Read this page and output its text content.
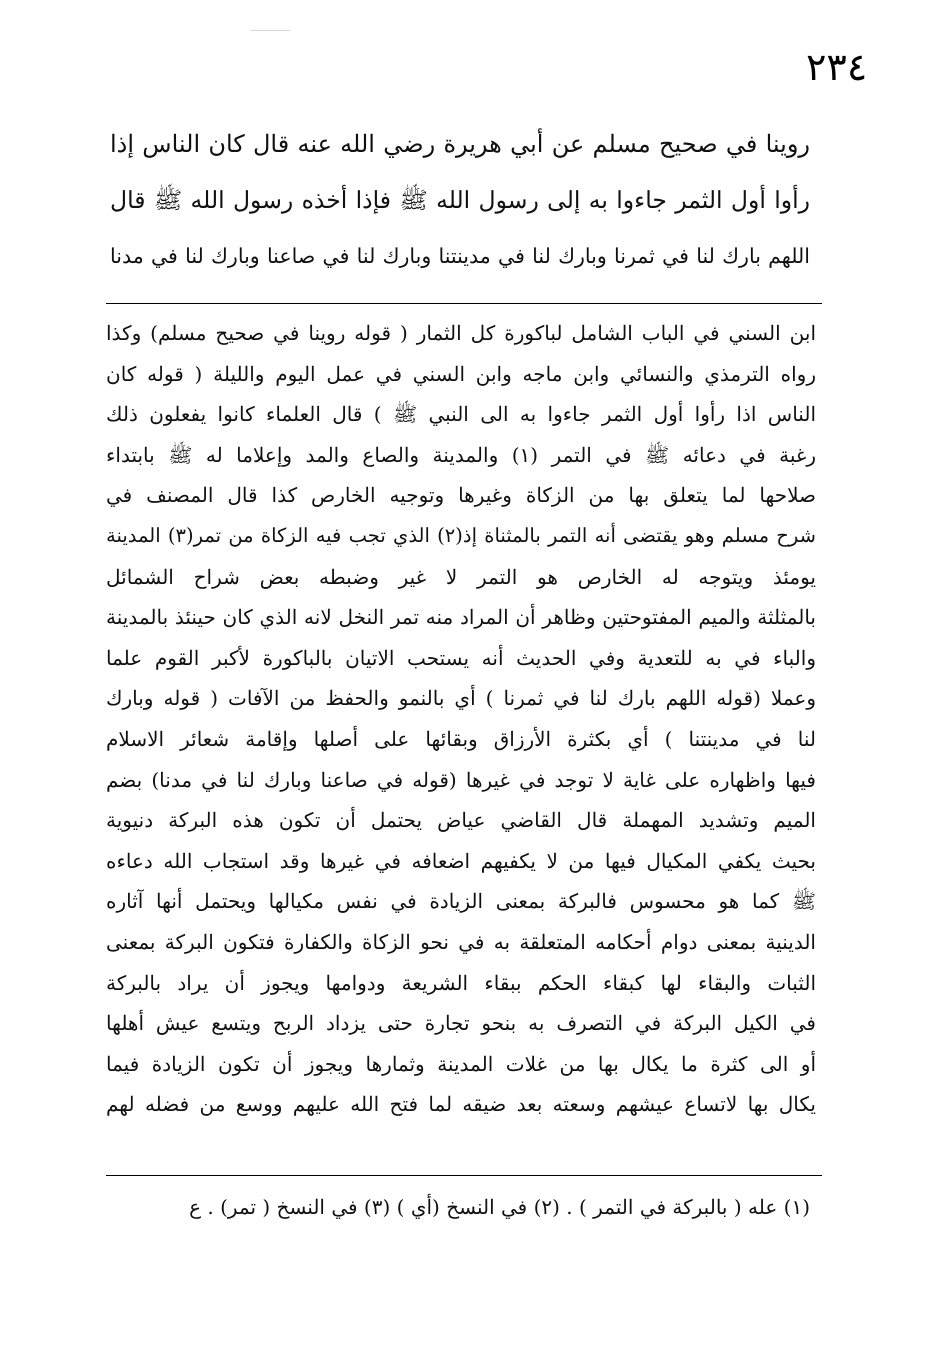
٢٣٤
روينا في صحيح مسلم عن أبي هريرة رضي الله عنه قال كان الناس إذا
رأوا أول الثمر جاءوا به إلى رسول الله ﷺ فإذا أخذه رسول الله ﷺ قال
اللهم بارك لنا في ثمرنا وبارك لنا في مدينتنا وبارك لنا في صاعنا وبارك لنا في مدنا
ابن السني في الباب الشامل لباكورة كل الثمار ( قوله روينا في صحيح مسلم) وكذا
رواه الترمذي والنسائي وابن ماجه وابن السني في عمل اليوم والليلة ( قوله كان
الناس اذا رأوا أول الثمر جاءوا به الى النبي ﷺ ) قال العلماء كانوا يفعلون ذلك
رغبة في دعائه ﷺ في التمر (١) والمدينة والصاع والمد وإعلاما له ﷺ بابتداء
صلاحها لما يتعلق بها من الزكاة وغيرها وتوجيه الخارص كذا قال المصنف في
شرح مسلم وهو يقتضى أنه التمر بالمثناة إذ(٢) الذي تجب فيه الزكاة من تمر(٣) المدينة
يومئذ ويتوجه له الخارص هو التمر لا غير وضبطه بعض شراح الشمائل
بالمثلثة والميم المفتوحتين وظاهر أن المراد منه تمر النخل لانه الذي كان حينئذ بالمدينة
والباء في به للتعدية وفي الحديث أنه يستحب الاتيان بالباكورة لأكبر القوم علما
وعملا (قوله اللهم بارك لنا في ثمرنا ) أي بالنمو والحفظ من الآفات ( قوله وبارك
لنا في مدينتنا ) أي بكثرة الأرزاق وبقائها على أصلها وإقامة شعائر الاسلام
فيها واظهاره على غاية لا توجد في غيرها (قوله في صاعنا وبارك لنا في مدنا) بضم
الميم وتشديد المهملة قال القاضي عياض يحتمل أن تكون هذه البركة دنيوية
بحيث يكفي المكيال فيها من لا يكفيهم اضعافه في غيرها وقد استجاب الله دعاءه
ﷺ كما هو محسوس فالبركة بمعنى الزيادة في نفس مكيالها ويحتمل أنها آثاره
الدينية بمعنى دوام أحكامه المتعلقة به في نحو الزكاة والكفارة فتكون البركة بمعنى
الثبات والبقاء لها كبقاء الحكم ببقاء الشريعة ودوامها ويجوز أن يراد بالبركة
في الكيل البركة في التصرف به بنحو تجارة حتى يزداد الربح ويتسع عيش أهلها
أو الى كثرة ما يكال بها من غلات المدينة وثمارها ويجوز أن تكون الزيادة فيما
يكال بها لاتساع عيشهم وسعته بعد ضيقه لما فتح الله عليهم ووسع من فضله لهم
(١) عله ( بالبركة في التمر ) . (٢) في النسخ (أي ) (٣) في النسخ ( تمر) . ع
